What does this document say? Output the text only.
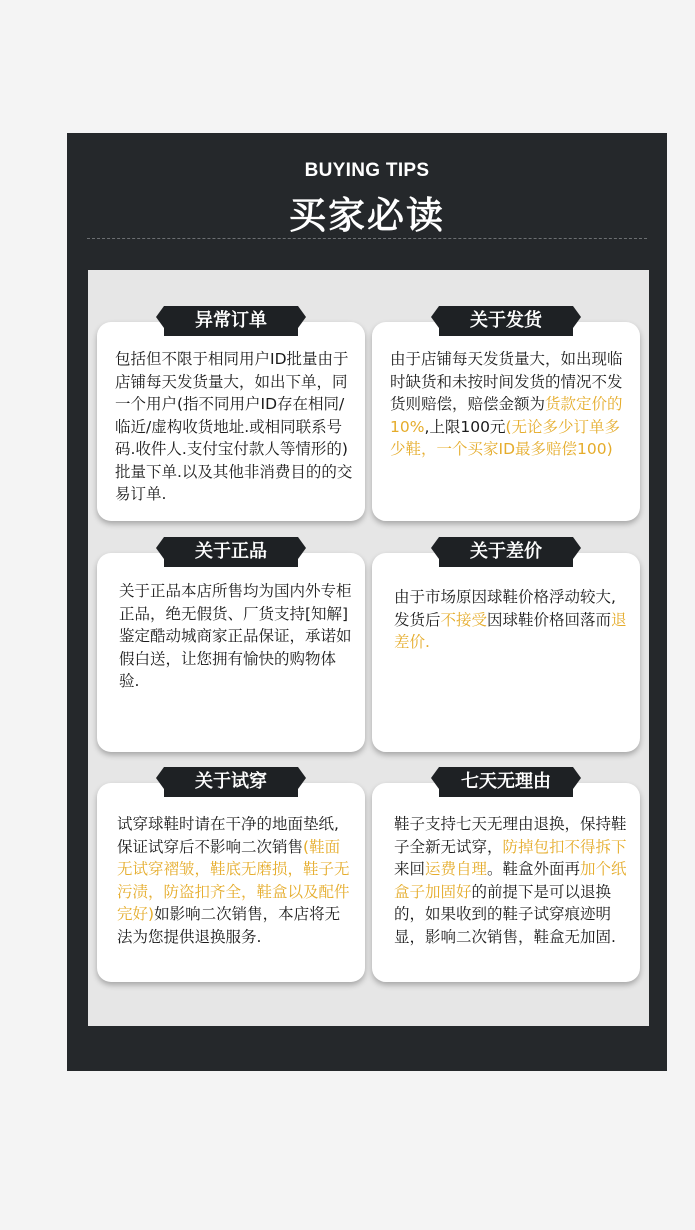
BUYING TIPS
买家必读
异常订单
包括但不限于相同用户ID批量由于店铺每天发货量大，如出下单，同一个用户(指不同用户ID存在相同/临近/虚构收货地址.或相同联系号码.收件人.支付宝付款人等情形的)批量下单.以及其他非消费目的的交易订单.
关于发货
由于店铺每天发货量大，如出现临时缺货和未按时间发货的情况不发货则赔偿，赔偿金额为货款定价的10%,上限100元(无论多少订单多少鞋，一个买家ID最多赔偿100)
关于正品
关于正品本店所售均为国内外专柜正品，绝无假货、厂货支持[知解]鉴定酷动城商家正品保证，承诺如假白送，让您拥有愉快的购物体验.
关于差价
由于市场原因球鞋价格浮动较大,发货后不接受因球鞋价格回落而退差价.
关于试穿
试穿球鞋时请在干净的地面垫纸,保证试穿后不影响二次销售(鞋面无试穿褶皱，鞋底无磨损，鞋子无污渍，防盗扣齐全，鞋盒以及配件完好)如影响二次销售，本店将无法为您提供退换服务.
七天无理由
鞋子支持七天无理由退换，保持鞋子全新无试穿，防掉包扣不得拆下来回运费自理。鞋盒外面再加个纸盒子加固好的前提下是可以退换的，如果收到的鞋子试穿痕迹明显，影响二次销售，鞋盒无加固.
